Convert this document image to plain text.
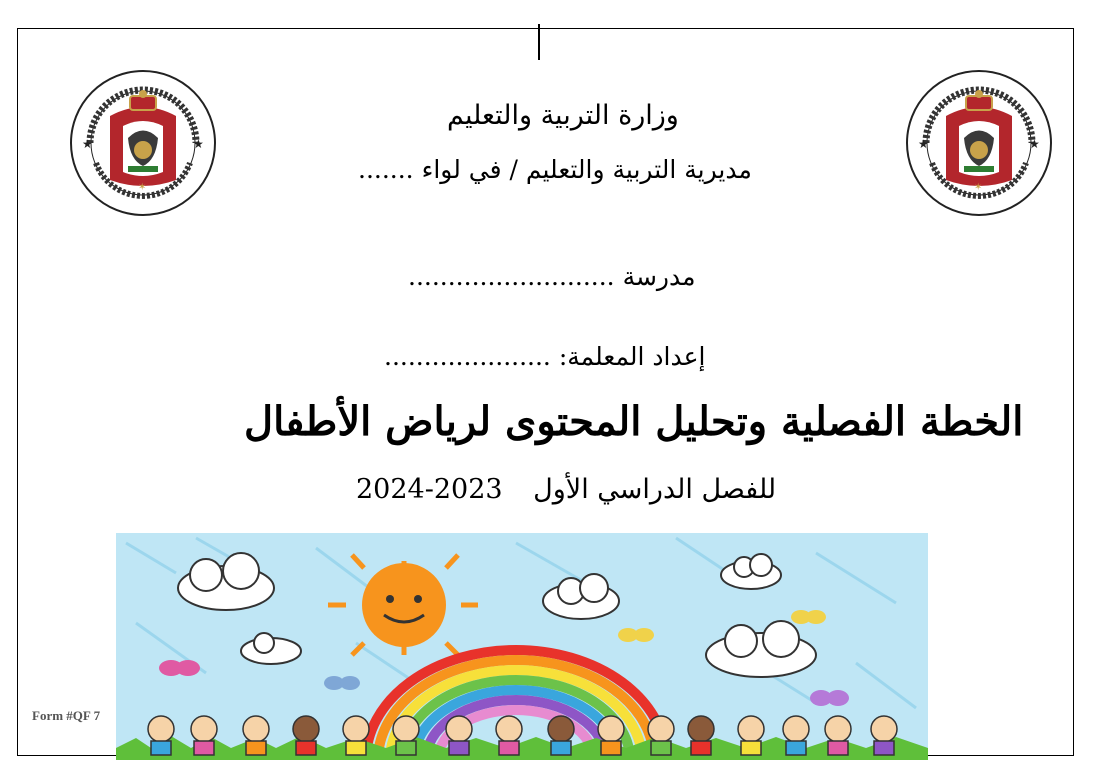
★	★
✶
★	★
✶
وزارة التربية والتعليم
مديرية التربية والتعليم / في لواء .......
مدرسة ..........................
إعداد المعلمة: .....................
الخطة الفصلية وتحليل المحتوى لرياض الأطفال
للفصل الدراسي الأول 2024-2023
Form #QF 7
